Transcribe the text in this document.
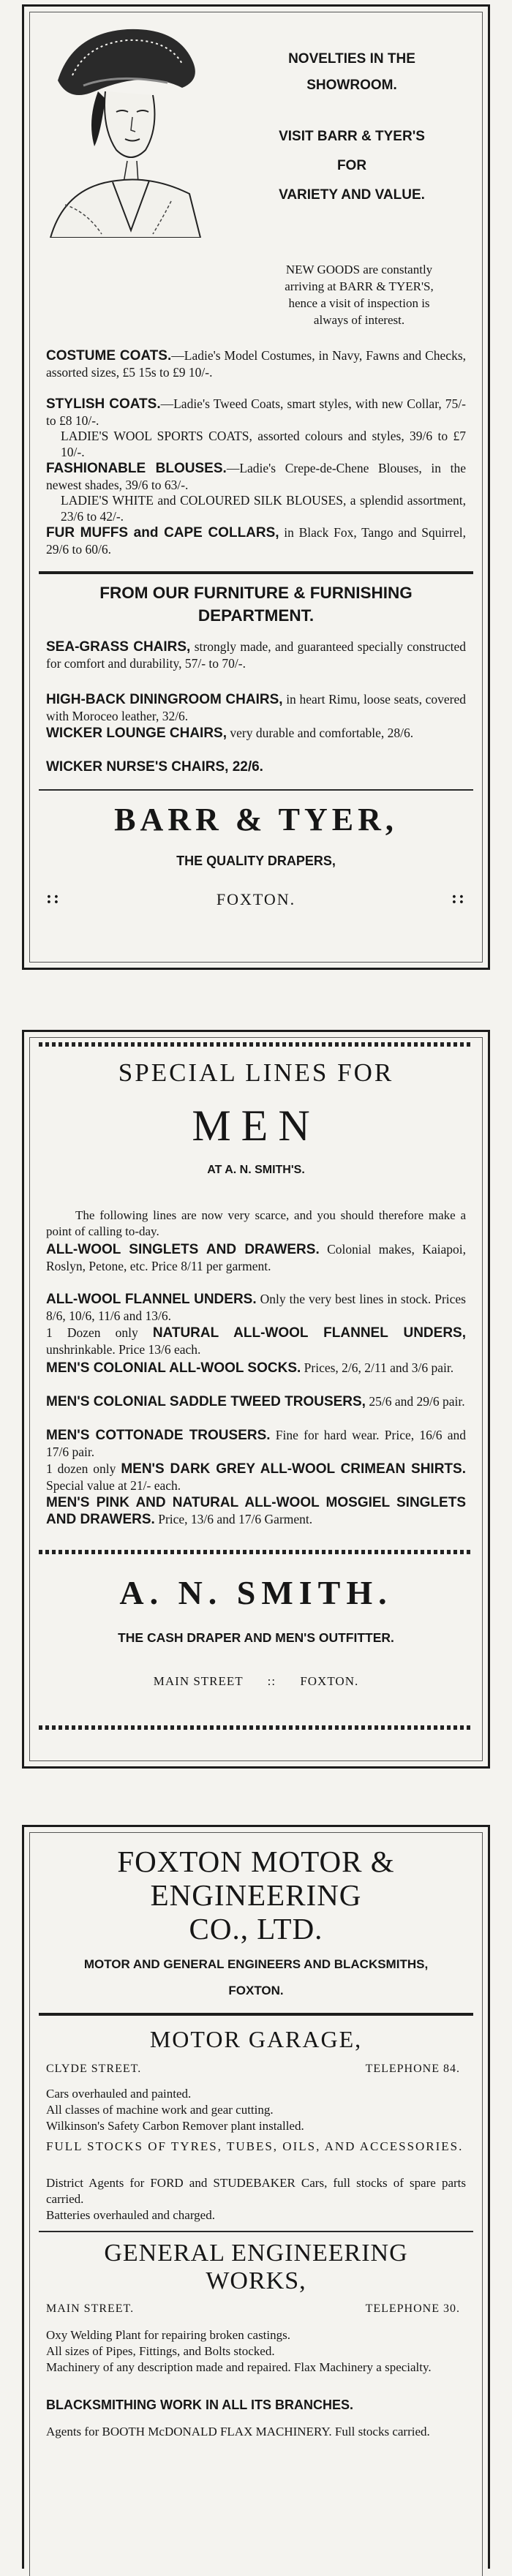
NOVELTIES IN THE
SHOWROOM.
VISIT BARR & TYER'S
FOR
VARIETY AND VALUE.
NEW GOODS are constantly
arriving at BARR & TYER'S,
hence a visit of inspection is
always of interest.
COSTUME COATS.—Ladie's Model Costumes, in Navy, Fawns and Checks, assorted sizes, £5 15s to £9 10/-.
STYLISH COATS.—Ladie's Tweed Coats, smart styles, with new Collar, 75/- to £8 10/-.
LADIE'S WOOL SPORTS COATS, assorted colours and styles, 39/6 to £7 10/-.
FASHIONABLE BLOUSES.—Ladie's Crepe-de-Chene Blouses, in the newest shades, 39/6 to 63/-.
LADIE'S WHITE and COLOURED SILK BLOUSES, a splendid assortment, 23/6 to 42/-.
FUR MUFFS and CAPE COLLARS, in Black Fox, Tango and Squirrel, 29/6 to 60/6.
FROM OUR FURNITURE & FURNISHING
DEPARTMENT.
SEA-GRASS CHAIRS, strongly made, and guaranteed specially constructed for comfort and durability, 57/- to 70/-.
HIGH-BACK DININGROOM CHAIRS, in heart Rimu, loose seats, covered with Moroceo leather, 32/6.
WICKER LOUNGE CHAIRS, very durable and comfortable, 28/6.
WICKER NURSE'S CHAIRS, 22/6.
BARR & TYER,
THE QUALITY DRAPERS,
::	FOXTON.	::
SPECIAL LINES FOR
MEN
AT A. N. SMITH'S.
The following lines are now very scarce, and you should therefore make a point of calling to-day.
ALL-WOOL SINGLETS AND DRAWERS. Colonial makes, Kaiapoi, Roslyn, Petone, etc. Price 8/11 per garment.
ALL-WOOL FLANNEL UNDERS. Only the very best lines in stock. Prices 8/6, 10/6, 11/6 and 13/6.
1 Dozen only NATURAL ALL-WOOL FLANNEL UNDERS, unshrinkable. Price 13/6 each.
MEN'S COLONIAL ALL-WOOL SOCKS. Prices, 2/6, 2/11 and 3/6 pair.
MEN'S COLONIAL SADDLE TWEED TROUSERS, 25/6 and 29/6 pair.
MEN'S COTTONADE TROUSERS. Fine for hard wear. Price, 16/6 and 17/6 pair.
1 dozen only MEN'S DARK GREY ALL-WOOL CRIMEAN SHIRTS. Special value at 21/- each.
MEN'S PINK AND NATURAL ALL-WOOL MOSGIEL SINGLETS AND DRAWERS. Price, 13/6 and 17/6 Garment.
A. N. SMITH.
THE CASH DRAPER AND MEN'S OUTFITTER.
MAIN STREET :: FOXTON.
FOXTON MOTOR &
ENGINEERING
CO., LTD.
MOTOR AND GENERAL ENGINEERS AND BLACKSMITHS,
FOXTON.
MOTOR GARAGE,
CLYDE STREET.	TELEPHONE 84.
Cars overhauled and painted.
All classes of machine work and gear cutting.
Wilkinson's Safety Carbon Remover plant installed.
FULL STOCKS OF TYRES, TUBES, OILS, AND ACCESSORIES.
District Agents for FORD and STUDEBAKER Cars, full stocks of spare parts carried.
Batteries overhauled and charged.
GENERAL ENGINEERING
WORKS,
MAIN STREET.	TELEPHONE 30.
Oxy Welding Plant for repairing broken castings.
All sizes of Pipes, Fittings, and Bolts stocked.
Machinery of any description made and repaired. Flax Machinery a specialty.
BLACKSMITHING WORK IN ALL ITS BRANCHES.
Agents for BOOTH McDONALD FLAX MACHINERY. Full stocks carried.
